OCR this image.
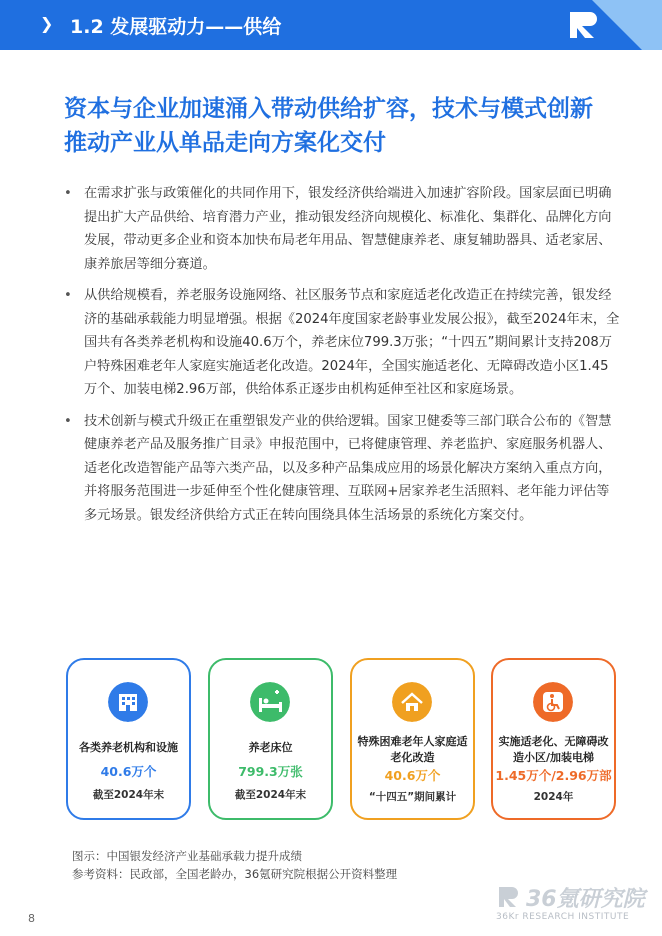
❯ 1.2 发展驱动力——供给
资本与企业加速涌入带动供给扩容，技术与模式创新推动产业从单品走向方案化交付
• 在需求扩张与政策催化的共同作用下，银发经济供给端进入加速扩容阶段。国家层面已明确提出扩大产品供给、培育潜力产业，推动银发经济向规模化、标准化、集群化、品牌化方向发展，带动更多企业和资本加快布局老年用品、智慧健康养老、康复辅助器具、适老家居、康养旅居等细分赛道。
• 从供给规模看，养老服务设施网络、社区服务节点和家庭适老化改造正在持续完善，银发经济的基础承载能力明显增强。根据《2024年度国家老龄事业发展公报》，截至2024年末，全国共有各类养老机构和设施40.6万个，养老床位799.3万张；“十四五”期间累计支持208万户特殊困难老年人家庭实施适老化改造。2024年，全国实施适老化、无障碍改造小区1.45万个、加装电梯2.96万部，供给体系正逐步由机构延伸至社区和家庭场景。
• 技术创新与模式升级正在重塑银发产业的供给逻辑。国家卫健委等三部门联合公布的《智慧健康养老产品及服务推广目录》申报范围中，已将健康管理、养老监护、家庭服务机器人、适老化改造智能产品等六类产品，以及多种产品集成应用的场景化解决方案纳入重点方向，并将服务范围进一步延伸至个性化健康管理、互联网+居家养老生活照料、老年能力评估等多元场景。银发经济供给方式正在转向围绕具体生活场景的系统化方案交付。
各类养老机构和设施
40.6万个
截至2024年末
养老床位
799.3万张
截至2024年末
特殊困难老年人家庭适老化改造
40.6万个
“十四五”期间累计
实施适老化、无障碍改造小区/加装电梯
1.45万个/2.96万部
2024年
图示：中国银发经济产业基础承载力提升成绩
参考资料：民政部，全国老龄办，36氪研究院根据公开资料整理
8
36氪研究院
36Kr RESEARCH INSTITUTE
